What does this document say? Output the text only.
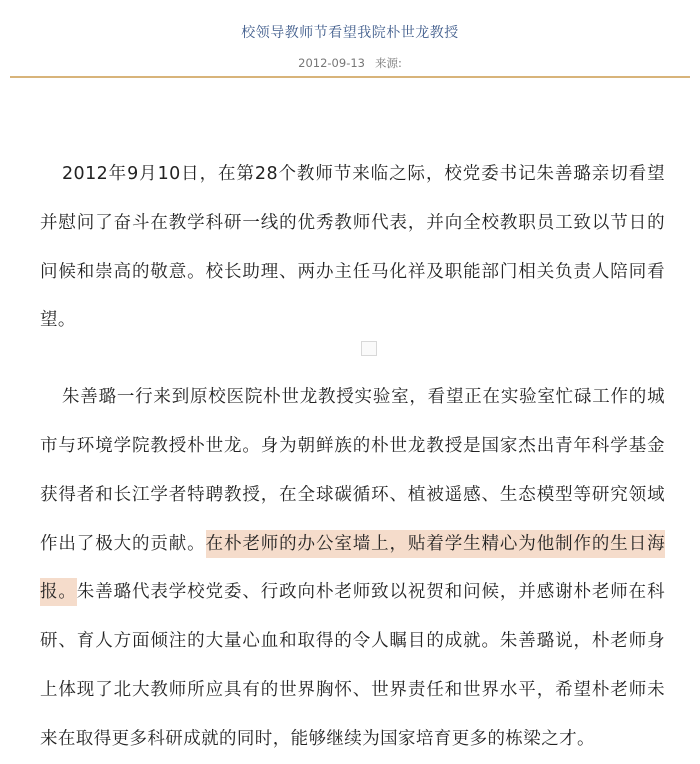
校领导教师节看望我院朴世龙教授
2012-09-13 来源:

2012年9月10日，在第28个教师节来临之际，校党委书记朱善璐亲切看望并慰问了奋斗在教学科研一线的优秀教师代表，并向全校教职员工致以节日的问候和崇高的敬意。校长助理、两办主任马化祥及职能部门相关负责人陪同看望。

朱善璐一行来到原校医院朴世龙教授实验室，看望正在实验室忙碌工作的城市与环境学院教授朴世龙。身为朝鲜族的朴世龙教授是国家杰出青年科学基金获得者和长江学者特聘教授，在全球碳循环、植被遥感、生态模型等研究领域作出了极大的贡献。在朴老师的办公室墙上，贴着学生精心为他制作的生日海报。朱善璐代表学校党委、行政向朴老师致以祝贺和问候，并感谢朴老师在科研、育人方面倾注的大量心血和取得的令人瞩目的成就。朱善璐说，朴老师身上体现了北大教师所应具有的世界胸怀、世界责任和世界水平，希望朴老师未来在取得更多科研成就的同时，能够继续为国家培育更多的栋梁之才。
